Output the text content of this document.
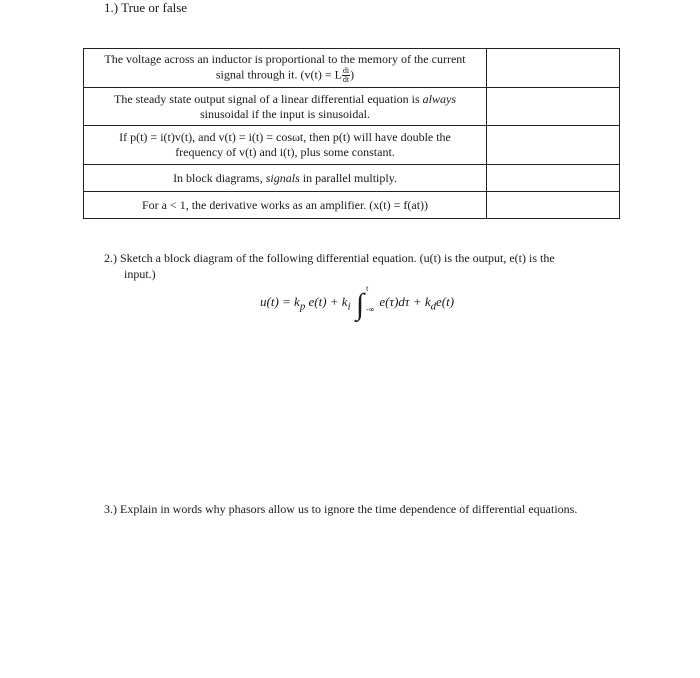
1.) True or false
The voltage across an inductor is proportional to the memory of the current
signal through it. (v(t) = L $\frac{di}{dt}$ )	
The steady state output signal of a linear differential equation is always
sinusoidal if the input is sinusoidal.	
If p(t) = i(t)v(t), and v(t) = i(t) = cosωt, then p(t) will have double the
frequency of v(t) and i(t), plus some constant.	
In block diagrams, signals in parallel multiply.	
For a < 1, the derivative works as an amplifier. (x(t) = f(at))	
2.) Sketch a block diagram of the following differential equation. (u(t) is the output, e(t) is the
input.)
$u(t) = k_p$ $e(t) + k_i$ ∫ t
-∞
$e(\tau)d\tau + k_de(t)$
3.) Explain in words why phasors allow us to ignore the time dependence of differential equations.
